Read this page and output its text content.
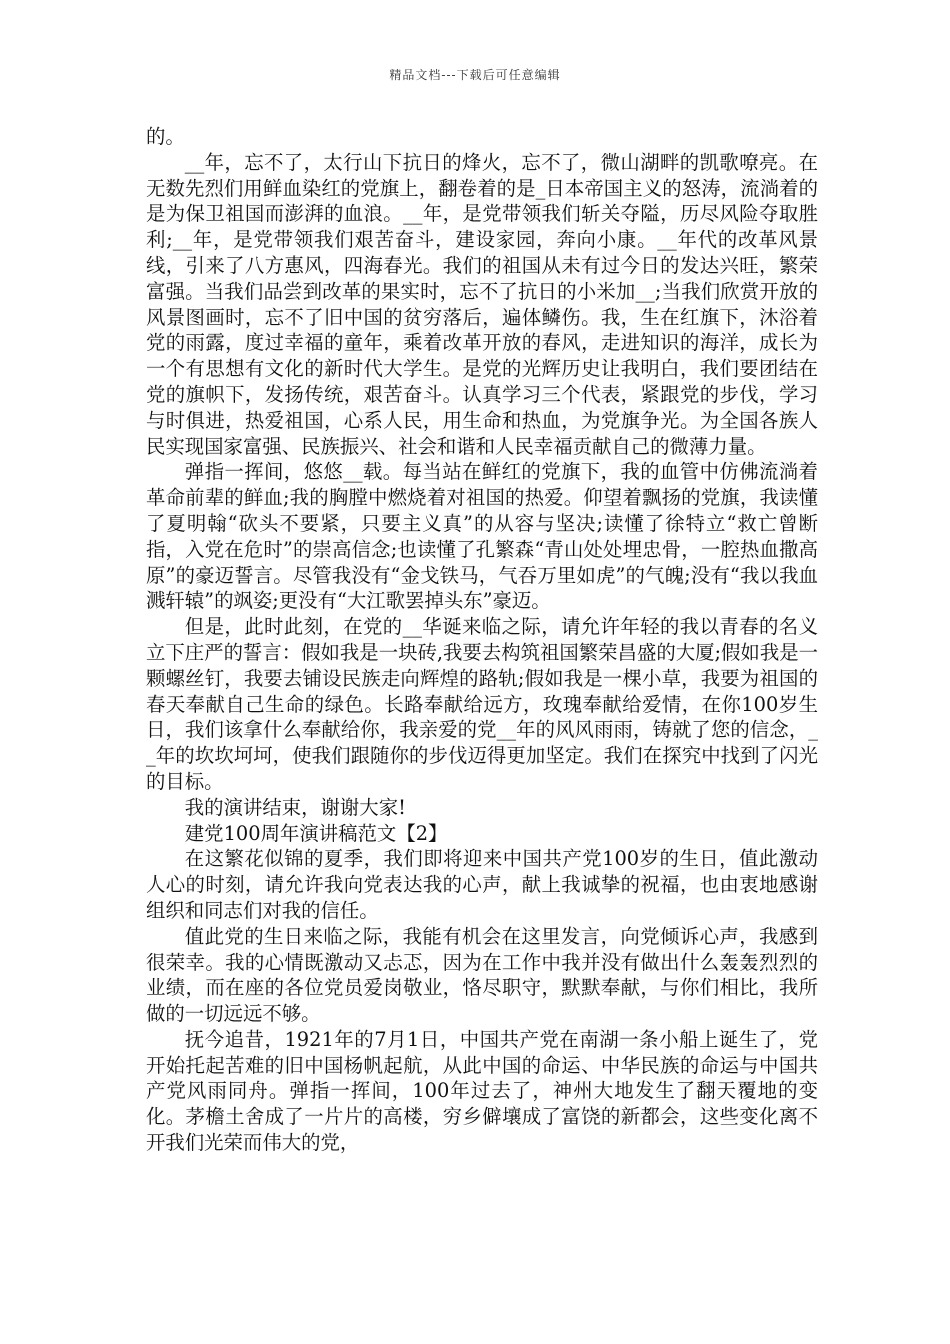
精品文档---下载后可任意编辑

的。

__年，忘不了，太行山下抗日的烽火，忘不了，微山湖畔的凯歌嘹亮。在无数先烈们用鲜血染红的党旗上，翻卷着的是_日本帝国主义的怒涛，流淌着的是为保卫祖国而澎湃的血浪。__年，是党带领我们斩关夺隘，历尽风险夺取胜利;__年，是党带领我们艰苦奋斗，建设家园，奔向小康。__年代的改革风景线，引来了八方惠风，四海春光。我们的祖国从未有过今日的发达兴旺，繁荣富强。当我们品尝到改革的果实时，忘不了抗日的小米加__;当我们欣赏开放的风景图画时，忘不了旧中国的贫穷落后，遍体鳞伤。我，生在红旗下，沐浴着党的雨露，度过幸福的童年，乘着改革开放的春风，走进知识的海洋，成长为一个有思想有文化的新时代大学生。是党的光辉历史让我明白，我们要团结在党的旗帜下，发扬传统，艰苦奋斗。认真学习三个代表，紧跟党的步伐，学习与时俱进，热爱祖国，心系人民，用生命和热血，为党旗争光。为全国各族人民实现国家富强、民族振兴、社会和谐和人民幸福贡献自己的微薄力量。

弹指一挥间，悠悠__载。每当站在鲜红的党旗下，我的血管中仿佛流淌着革命前辈的鲜血;我的胸膛中燃烧着对祖国的热爱。仰望着飘扬的党旗，我读懂了夏明翰“砍头不要紧，只要主义真”的从容与坚决;读懂了徐特立“救亡曾断指，入党在危时”的崇高信念;也读懂了孔繁森“青山处处埋忠骨，一腔热血撒高原”的豪迈誓言。尽管我没有“金戈铁马，气吞万里如虎”的气魄;没有“我以我血溅轩辕”的飒姿;更没有“大江歌罢掉头东”豪迈。

但是，此时此刻，在党的__华诞来临之际，请允许年轻的我以青春的名义立下庄严的誓言：假如我是一块砖,我要去构筑祖国繁荣昌盛的大厦;假如我是一颗螺丝钉，我要去铺设民族走向辉煌的路轨;假如我是一棵小草，我要为祖国的春天奉献自己生命的绿色。长路奉献给远方，玫瑰奉献给爱情，在你100岁生日，我们该拿什么奉献给你，我亲爱的党__年的风风雨雨，铸就了您的信念，__年的坎坎坷坷，使我们跟随你的步伐迈得更加坚定。我们在探究中找到了闪光的目标。

我的演讲结束，谢谢大家!

建党100周年演讲稿范文【2】

在这繁花似锦的夏季，我们即将迎来中国共产党100岁的生日，值此激动人心的时刻，请允许我向党表达我的心声，献上我诚挚的祝福，也由衷地感谢组织和同志们对我的信任。

值此党的生日来临之际，我能有机会在这里发言，向党倾诉心声，我感到很荣幸。我的心情既激动又忐忑，因为在工作中我并没有做出什么轰轰烈烈的业绩，而在座的各位党员爱岗敬业，恪尽职守，默默奉献，与你们相比，我所做的一切远远不够。

抚今追昔，1921年的7月1日，中国共产党在南湖一条小船上诞生了，党开始托起苦难的旧中国杨帆起航，从此中国的命运、中华民族的命运与中国共产党风雨同舟。弹指一挥间，100年过去了，神州大地发生了翻天覆地的变化。茅檐土舍成了一片片的高楼，穷乡僻壤成了富饶的新都会，这些变化离不开我们光荣而伟大的党，
